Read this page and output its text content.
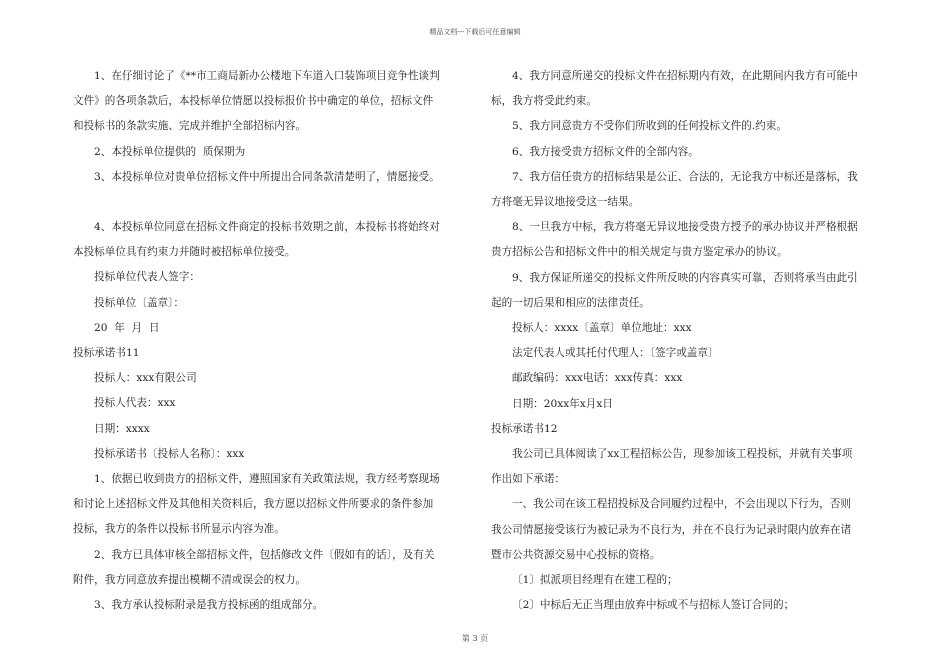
精品文档---下载后可任意编辑
1、在仔细讨论了《**市工商局新办公楼地下车道入口装饰项目竞争性谈判
文件》的各项条款后，本投标单位情愿以投标报价书中确定的单位，招标文件
和投标书的条款实施、完成并维护全部招标内容。
2、本投标单位提供的  质保期为
3、本投标单位对贵单位招标文件中所提出合同条款清楚明了，情愿接受。
4、本投标单位同意在招标文件商定的投标书效期之前，本投标书将始终对
本投标单位具有约束力并随时被招标单位接受。
投标单位代表人签字：
投标单位〔盖章〕：
20  年  月  日
投标承诺书11
投标人：xxx有限公司
投标人代表：xxx
日期：xxxx
投标承诺书〔投标人名称〕：xxx
1、依据已收到贵方的招标文件，遵照国家有关政策法规，我方经考察现场
和讨论上述招标文件及其他相关资料后，我方愿以招标文件所要求的条件参加
投标，我方的条件以投标书所显示内容为准。
2、我方已具体审核全部招标文件，包括修改文件〔假如有的话〕，及有关
附件，我方同意放弃提出模糊不清或误会的权力。
3、我方承认投标附录是我方投标函的组成部分。
4、我方同意所递交的投标文件在招标期内有效，在此期间内我方有可能中
标，我方将受此约束。
5、我方同意贵方不受你们所收到的任何投标文件的.约束。
6、我方接受贵方招标文件的全部内容。
7、我方信任贵方的招标结果是公正、合法的，无论我方中标还是落标，我
方将毫无异议地接受这一结果。
8、一旦我方中标，我方将毫无异议地接受贵方授予的承办协议并严格根据
贵方招标公告和招标文件中的相关规定与贵方鉴定承办的协议。
9、我方保证所递交的投标文件所反映的内容真实可靠，否则将承当由此引
起的一切后果和相应的法律责任。
投标人：xxxx〔盖章〕单位地址：xxx
法定代表人或其托付代理人：〔签字或盖章〕
邮政编码：xxx电话：xxx传真：xxx
日期：20xx年x月x日
投标承诺书12
我公司已具体阅读了xx工程招标公告，现参加该工程投标，并就有关事项
作出如下承诺：
一、我公司在该工程招投标及合同履约过程中，不会出现以下行为，否则
我公司情愿接受该行为被记录为不良行为，并在不良行为记录时限内放弃在诸
暨市公共资源交易中心投标的资格。
〔1〕拟派项目经理有在建工程的；
〔2〕中标后无正当理由放弃中标或不与招标人签订合同的；
第 3 页
